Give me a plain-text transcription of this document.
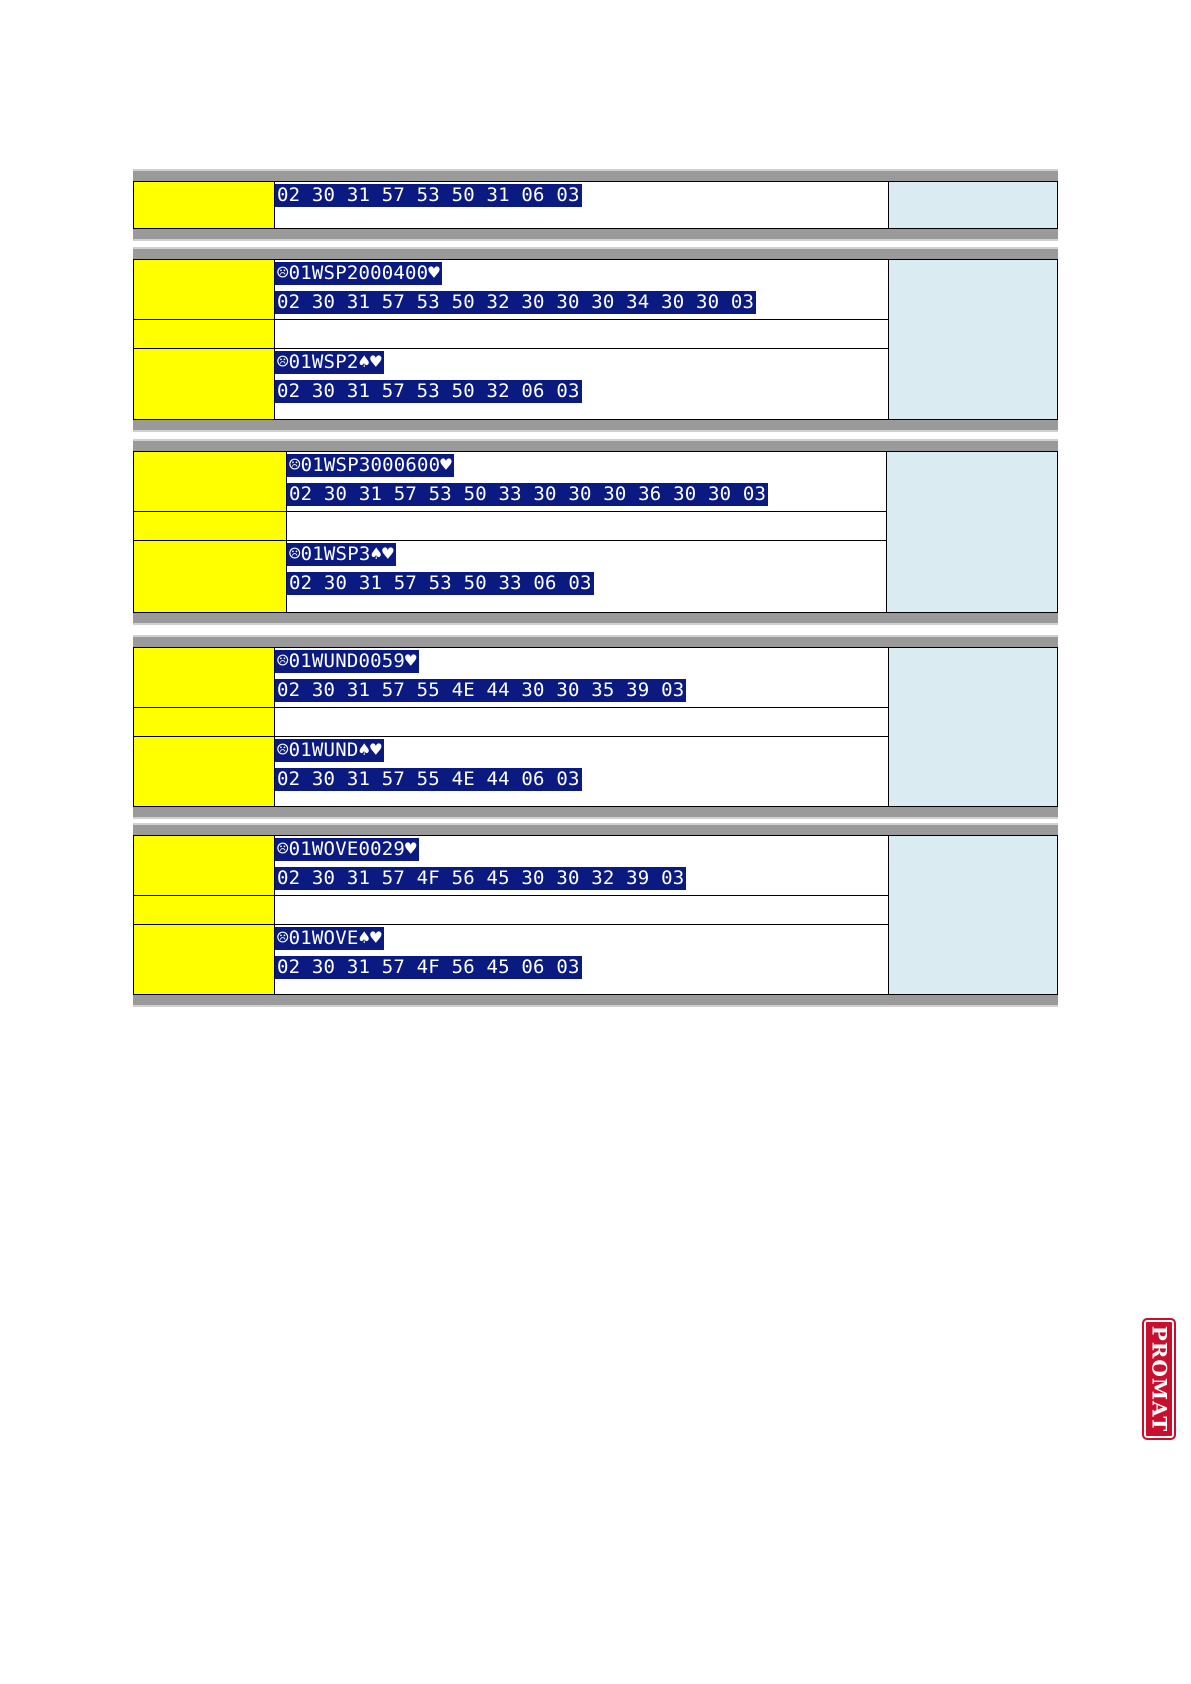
02 30 31 57 53 50 31 06 03

	☹01WSP2000400♥
02 30 31 57 53 50 32 30 30 30 34 30 30 03	

	☹01WSP2♠♥
02 30 31 57 53 50 32 06 03	

	☹01WSP3000600♥
02 30 31 57 53 50 33 30 30 30 36 30 30 03	

	☹01WSP3♠♥
02 30 31 57 53 50 33 06 03	

	☹01WUND0059♥
02 30 31 57 55 4E 44 30 30 35 39 03	

	☹01WUND♠♥
02 30 31 57 55 4E 44 06 03	

	☹01WOVE0029♥
02 30 31 57 4F 56 45 30 30 32 39 03	

	☹01WOVE♠♥
02 30 31 57 4F 56 45 06 03	
PROMAT
